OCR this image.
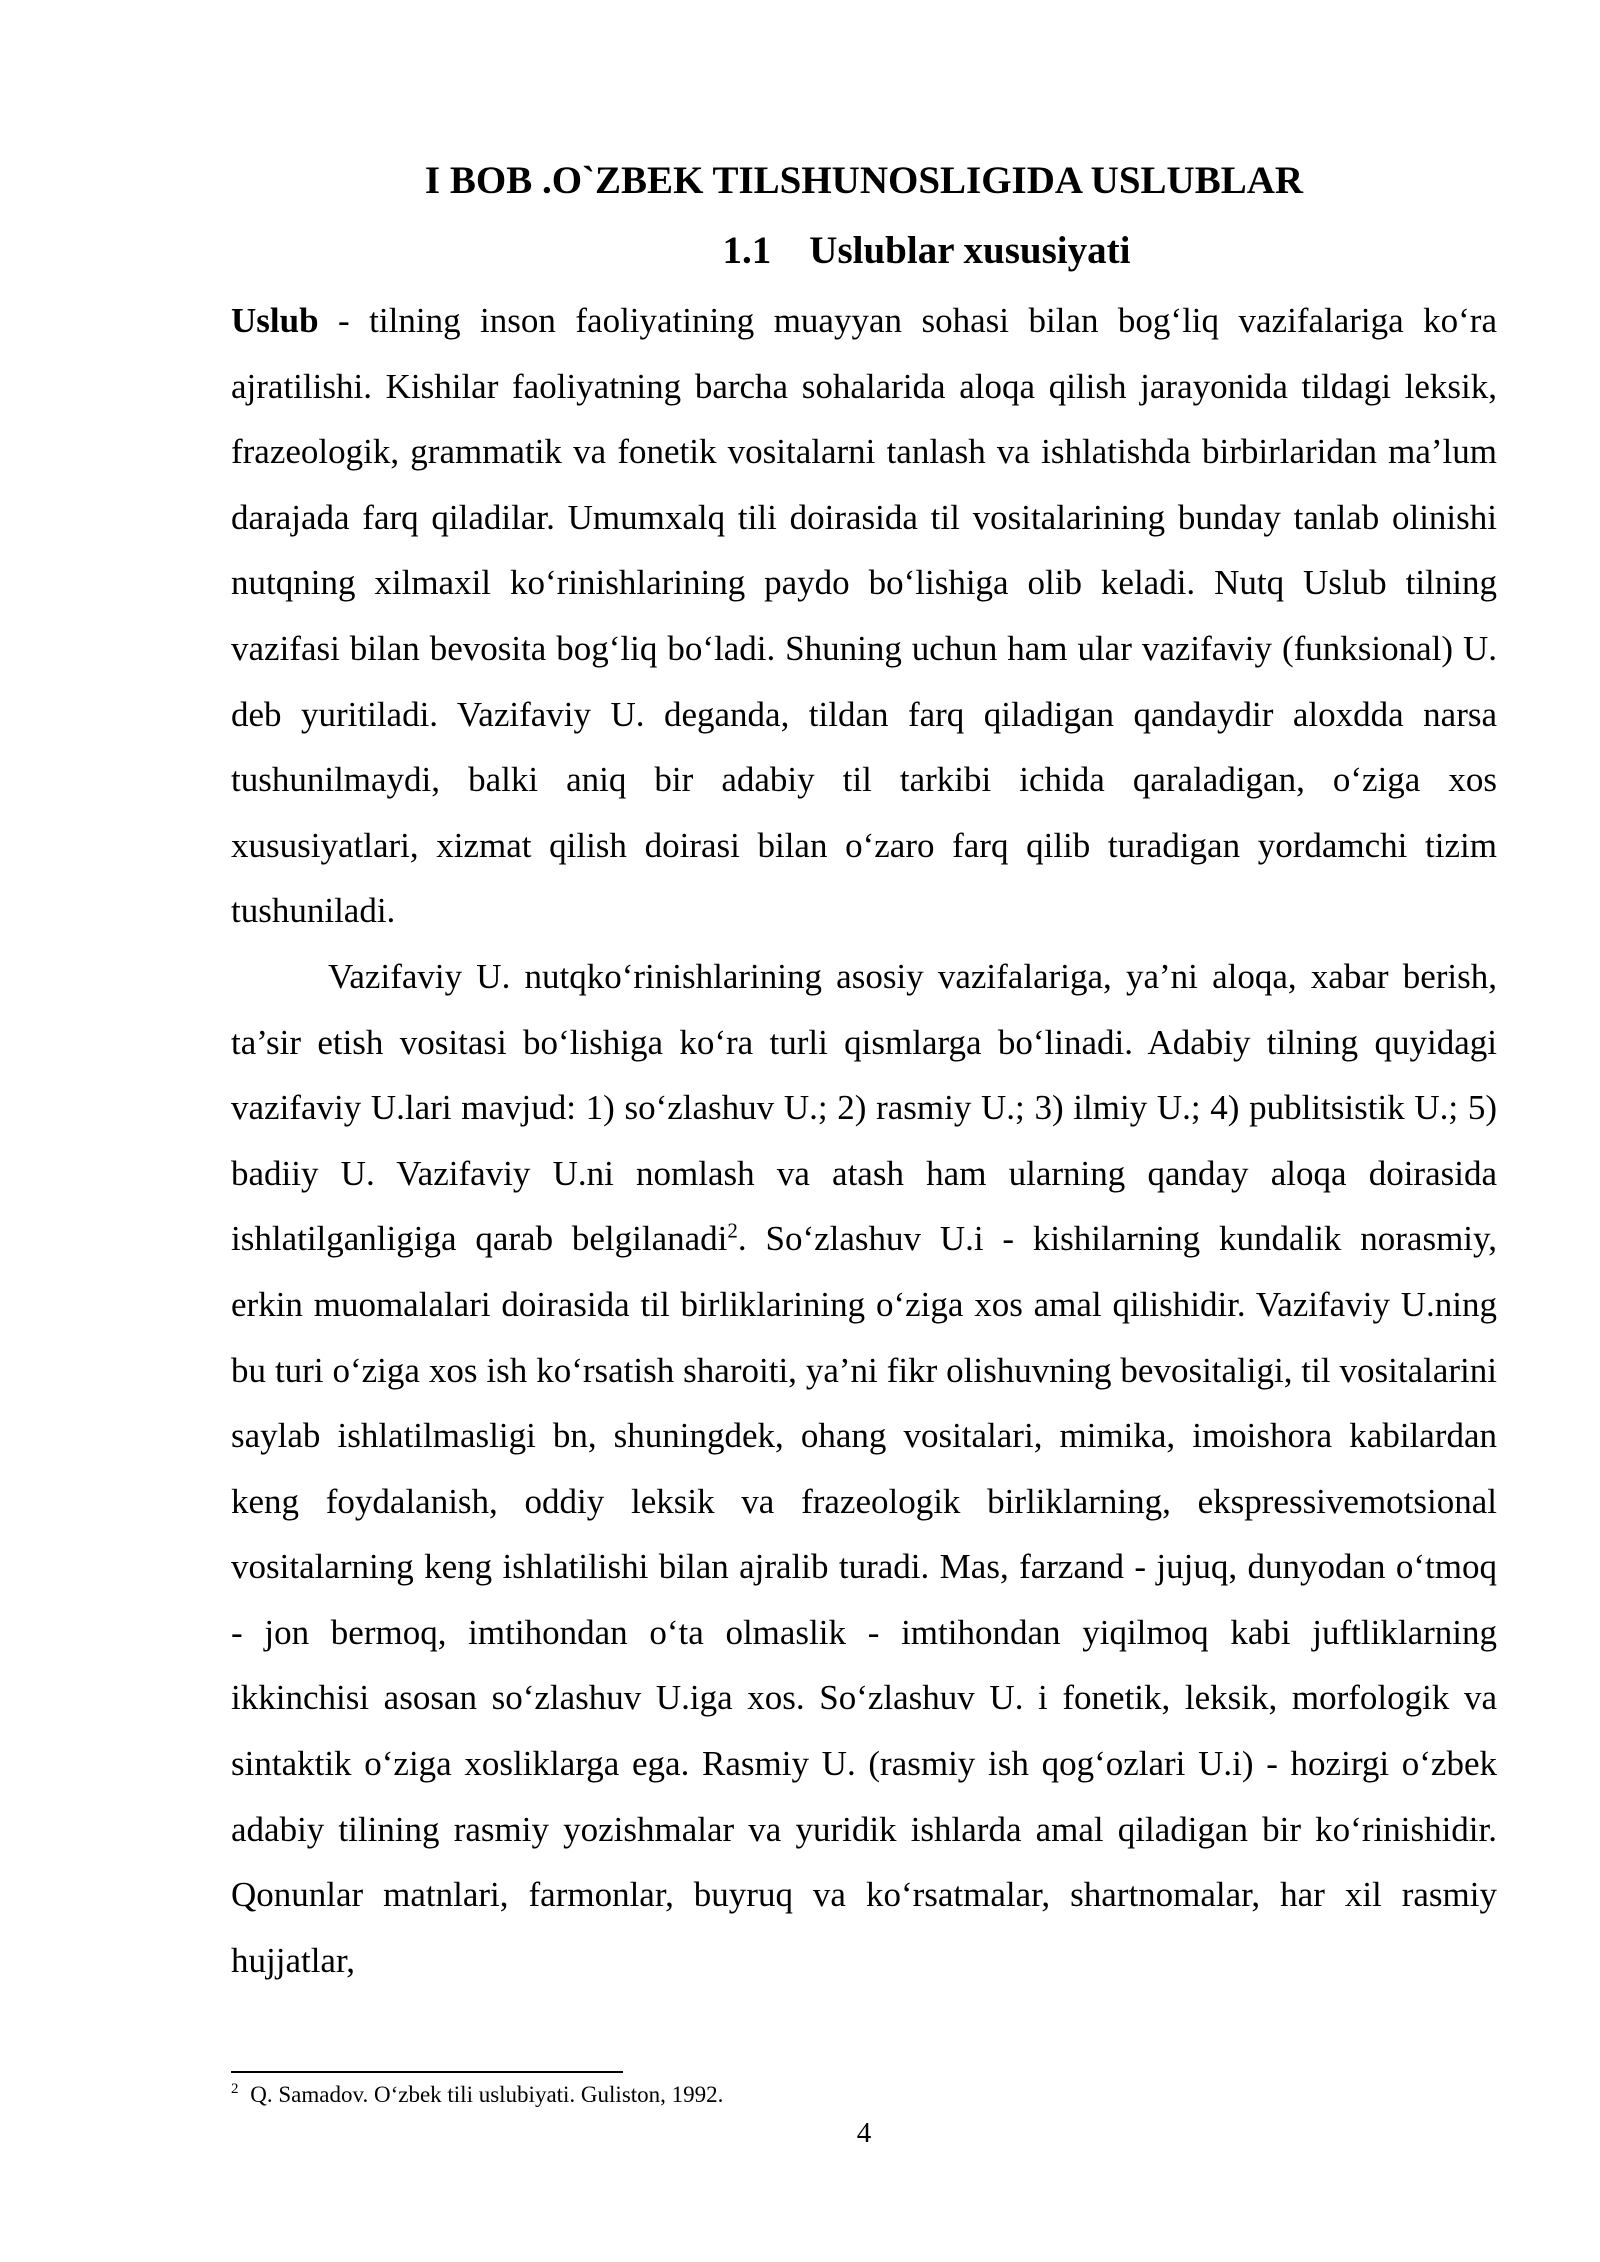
I BOB .O`ZBEK TILSHUNOSLIGIDA USLUBLAR
1.1 Uslublar xususiyati

Uslub - tilning inson faoliyatining muayyan sohasi bilan bog‘liq vazifalariga ko‘ra ajratilishi. Kishilar faoliyatning barcha sohalarida aloqa qilish jarayonida tildagi leksik, frazeologik, grammatik va fonetik vositalarni tanlash va ishlatishda birbirlaridan ma’lum darajada farq qiladilar. Umumxalq tili doirasida til vositalarining bunday tanlab olinishi nutqning xilmaxil ko‘rinishlarining paydo bo‘lishiga olib keladi. Nutq Uslub tilning vazifasi bilan bevosita bog‘liq bo‘ladi. Shuning uchun ham ular vazifaviy (funksional) U. deb yuritiladi. Vazifaviy U. deganda, tildan farq qiladigan qandaydir aloxdda narsa tushunilmaydi, balki aniq bir adabiy til tarkibi ichida qaraladigan, o‘ziga xos xususiyatlari, xizmat qilish doirasi bilan o‘zaro farq qilib turadigan yordamchi tizim tushuniladi.

Vazifaviy U. nutqko‘rinishlarining asosiy vazifalariga, ya’ni aloqa, xabar berish, ta’sir etish vositasi bo‘lishiga ko‘ra turli qismlarga bo‘linadi. Adabiy tilning quyidagi vazifaviy U.lari mavjud: 1) so‘zlashuv U.; 2) rasmiy U.; 3) ilmiy U.; 4) publitsistik U.; 5) badiiy U. Vazifaviy U.ni nomlash va atash ham ularning qanday aloqa doirasida ishlatilganligiga qarab belgilanadi$^2$. So‘zlashuv U.i - kishilarning kundalik norasmiy, erkin muomalalari doirasida til birliklarining o‘ziga xos amal qilishidir. Vazifaviy U.ning bu turi o‘ziga xos ish ko‘rsatish sharoiti, ya’ni fikr olishuvning bevositaligi, til vositalarini saylab ishlatilmasligi bn, shuningdek, ohang vositalari, mimika, imoishora kabilardan keng foydalanish, oddiy leksik va frazeologik birliklarning, ekspressivemotsional vositalarning keng ishlatilishi bilan ajralib turadi. Mas, farzand - jujuq, dunyodan o‘tmoq - jon bermoq, imtihondan o‘ta olmaslik - imtihondan yiqilmoq kabi juftliklarning ikkinchisi asosan so‘zlashuv U.iga xos. So‘zlashuv U. i fonetik, leksik, morfologik va sintaktik o‘ziga xosliklarga ega. Rasmiy U. (rasmiy ish qog‘ozlari U.i) - hozirgi o‘zbek adabiy tilining rasmiy yozishmalar va yuridik ishlarda amal qiladigan bir ko‘rinishidir. Qonunlar matnlari, farmonlar, buyruq va ko‘rsatmalar, shartnomalar, har xil rasmiy hujjatlar,

$^2$ Q. Samadov. O‘zbek tili uslubiyati. Guliston, 1992.
4
